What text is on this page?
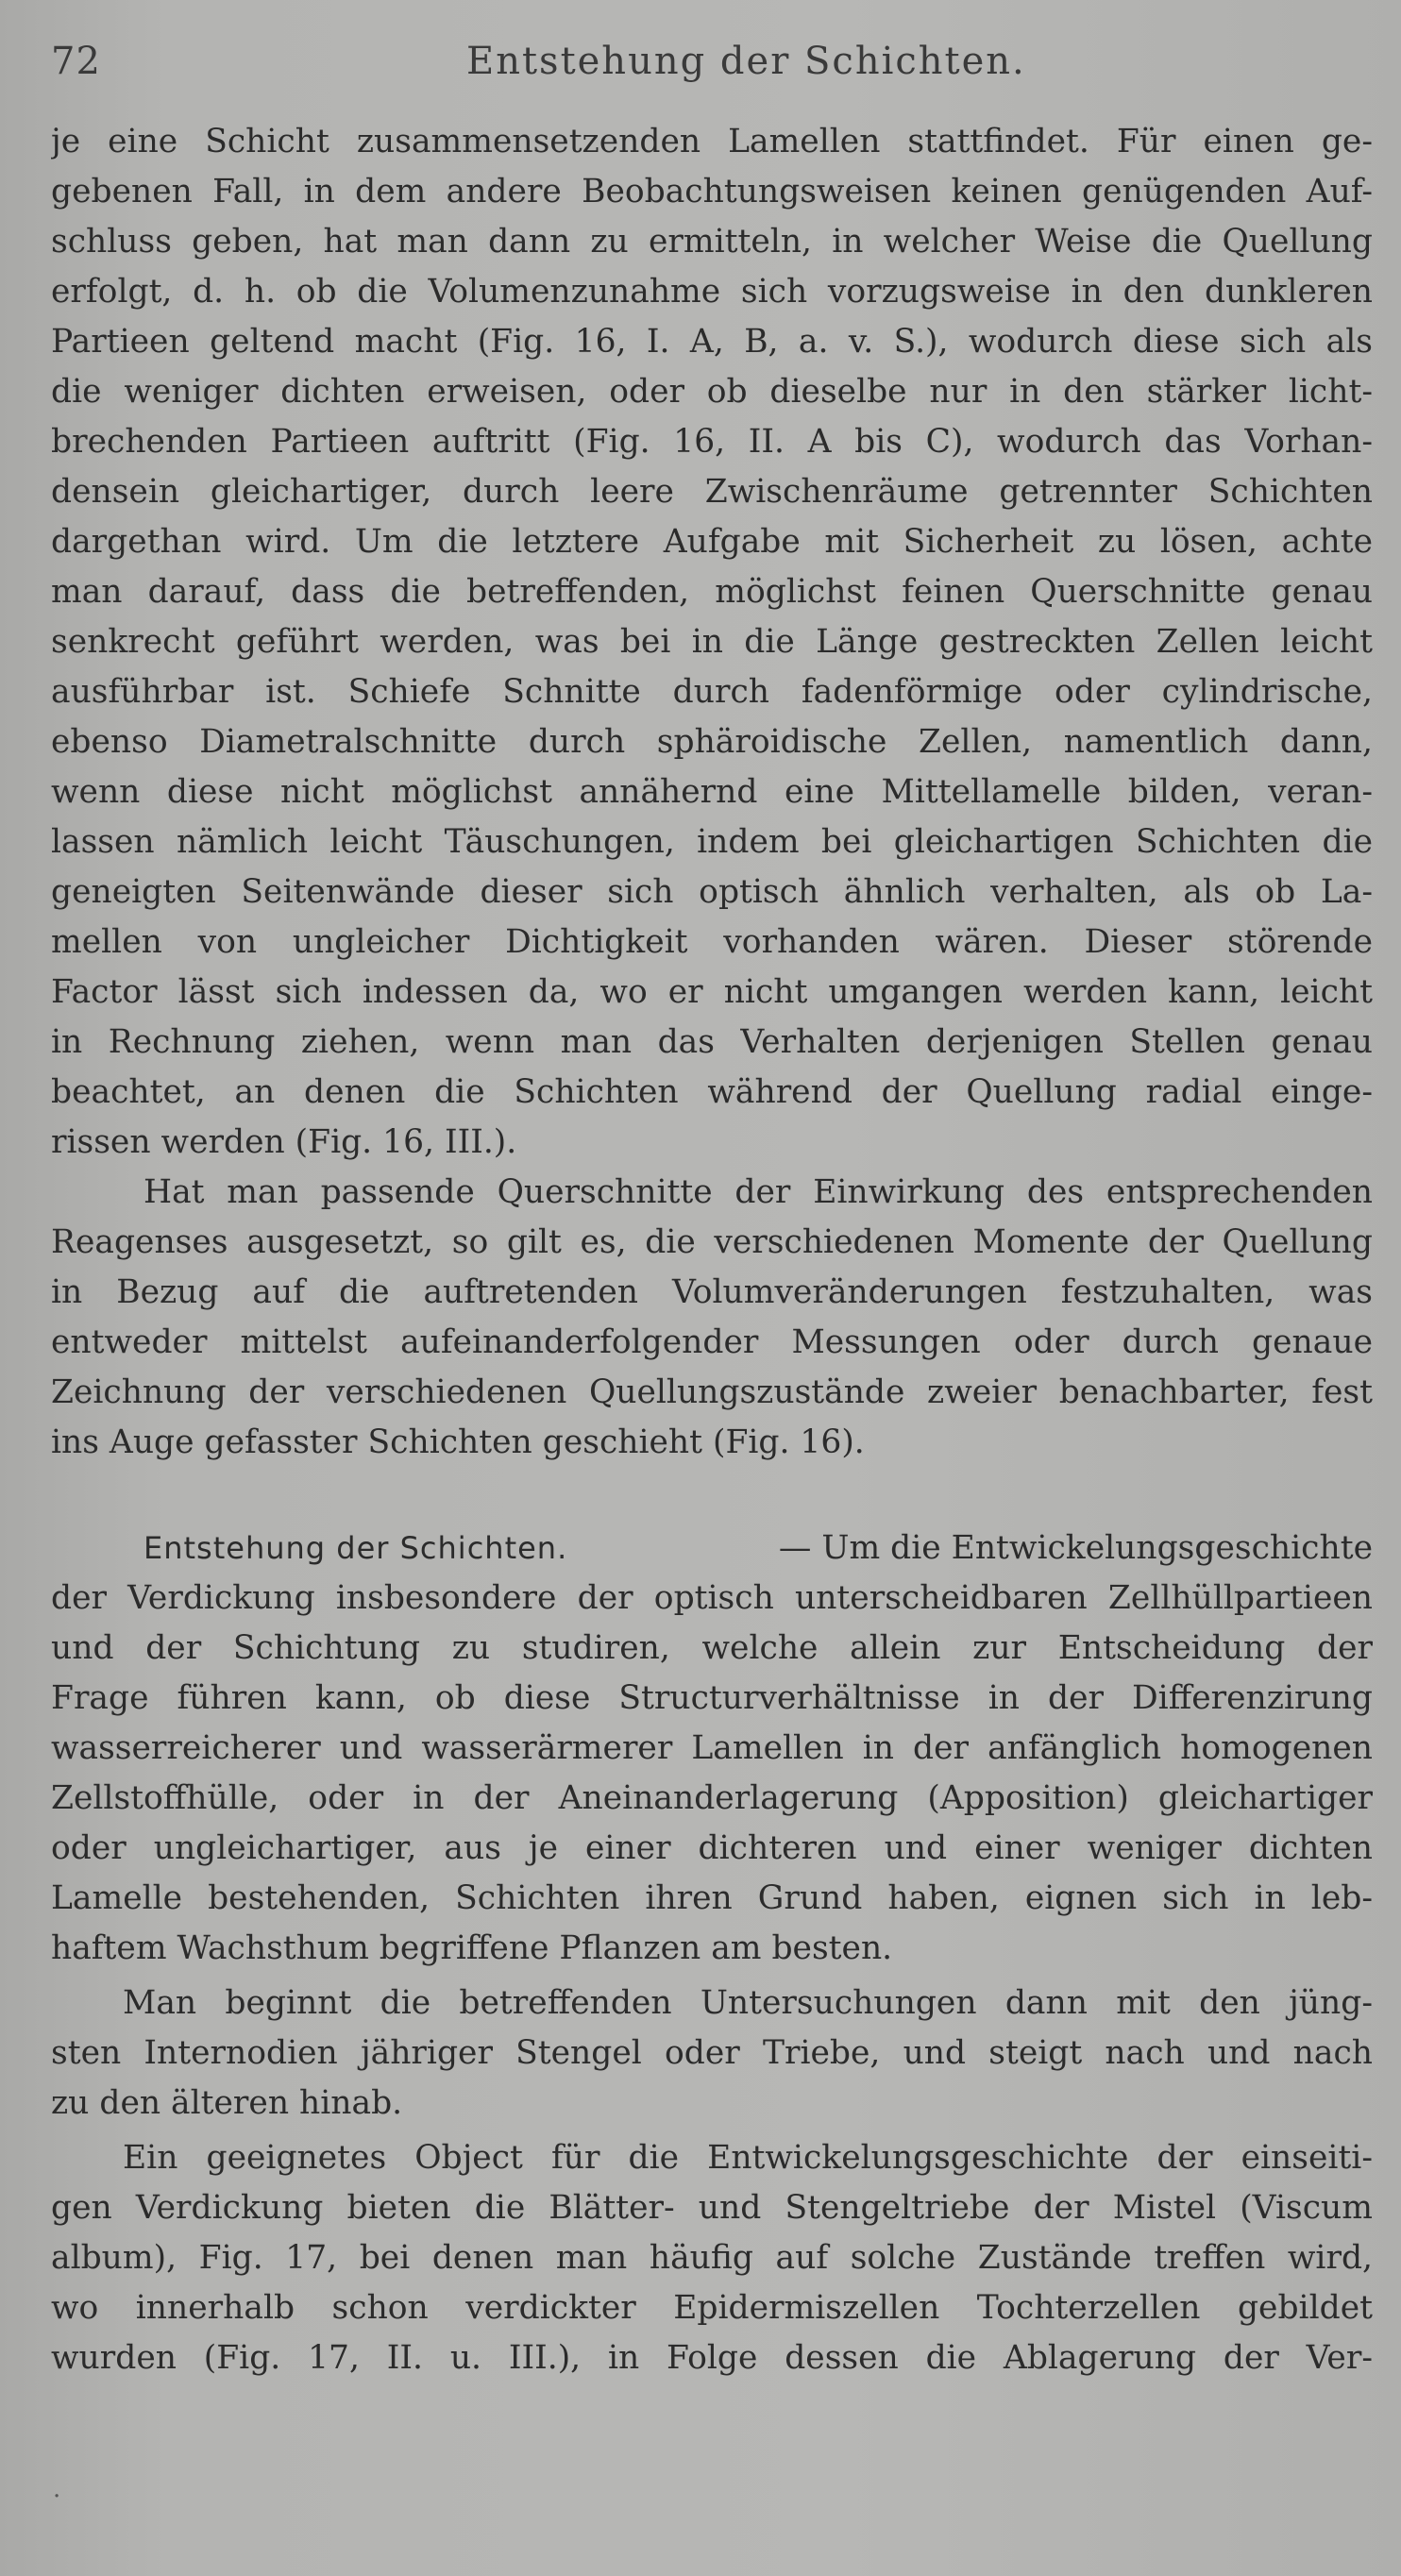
72	Entstehung der Schichten.
je eine Schicht zusammensetzenden Lamellen stattfindet. Für einen ge-
gebenen Fall, in dem andere Beobachtungsweisen keinen genügenden Auf-
schluss geben, hat man dann zu ermitteln, in welcher Weise die Quellung
erfolgt, d. h. ob die Volumenzunahme sich vorzugsweise in den dunkleren
Partieen geltend macht (Fig. 16, I. A, B, a. v. S.), wodurch diese sich als
die weniger dichten erweisen, oder ob dieselbe nur in den stärker licht-
brechenden Partieen auftritt (Fig. 16, II. A bis C), wodurch das Vorhan-
densein gleichartiger, durch leere Zwischenräume getrennter Schichten
dargethan wird. Um die letztere Aufgabe mit Sicherheit zu lösen, achte
man darauf, dass die betreffenden, möglichst feinen Querschnitte genau
senkrecht geführt werden, was bei in die Länge gestreckten Zellen leicht
ausführbar ist. Schiefe Schnitte durch fadenförmige oder cylindrische,
ebenso Diametralschnitte durch sphäroidische Zellen, namentlich dann,
wenn diese nicht möglichst annähernd eine Mittellamelle bilden, veran-
lassen nämlich leicht Täuschungen, indem bei gleichartigen Schichten die
geneigten Seitenwände dieser sich optisch ähnlich verhalten, als ob La-
mellen von ungleicher Dichtigkeit vorhanden wären. Dieser störende
Factor lässt sich indessen da, wo er nicht umgangen werden kann, leicht
in Rechnung ziehen, wenn man das Verhalten derjenigen Stellen genau
beachtet, an denen die Schichten während der Quellung radial einge-
rissen werden (Fig. 16, III.).
Hat man passende Querschnitte der Einwirkung des entsprechenden
Reagenses ausgesetzt, so gilt es, die verschiedenen Momente der Quellung
in Bezug auf die auftretenden Volumveränderungen festzuhalten, was
entweder mittelst aufeinanderfolgender Messungen oder durch genaue
Zeichnung der verschiedenen Quellungszustände zweier benachbarter, fest
ins Auge gefasster Schichten geschieht (Fig. 16).
Entstehung der Schichten.	— Um die Entwickelungsgeschichte
der Verdickung insbesondere der optisch unterscheidbaren Zellhüllpartieen
und der Schichtung zu studiren, welche allein zur Entscheidung der
Frage führen kann, ob diese Structurverhältnisse in der Differenzirung
wasserreicherer und wasserärmerer Lamellen in der anfänglich homogenen
Zellstoffhülle, oder in der Aneinanderlagerung (Apposition) gleichartiger
oder ungleichartiger, aus je einer dichteren und einer weniger dichten
Lamelle bestehenden, Schichten ihren Grund haben, eignen sich in leb-
haftem Wachsthum begriffene Pflanzen am besten.
Man beginnt die betreffenden Untersuchungen dann mit den jüng-
sten Internodien jähriger Stengel oder Triebe, und steigt nach und nach
zu den älteren hinab.
Ein geeignetes Object für die Entwickelungsgeschichte der einseiti-
gen Verdickung bieten die Blätter- und Stengeltriebe der Mistel (Viscum
album), Fig. 17, bei denen man häufig auf solche Zustände treffen wird,
wo innerhalb schon verdickter Epidermiszellen Tochterzellen gebildet
wurden (Fig. 17, II. u. III.), in Folge dessen die Ablagerung der Ver-
·
